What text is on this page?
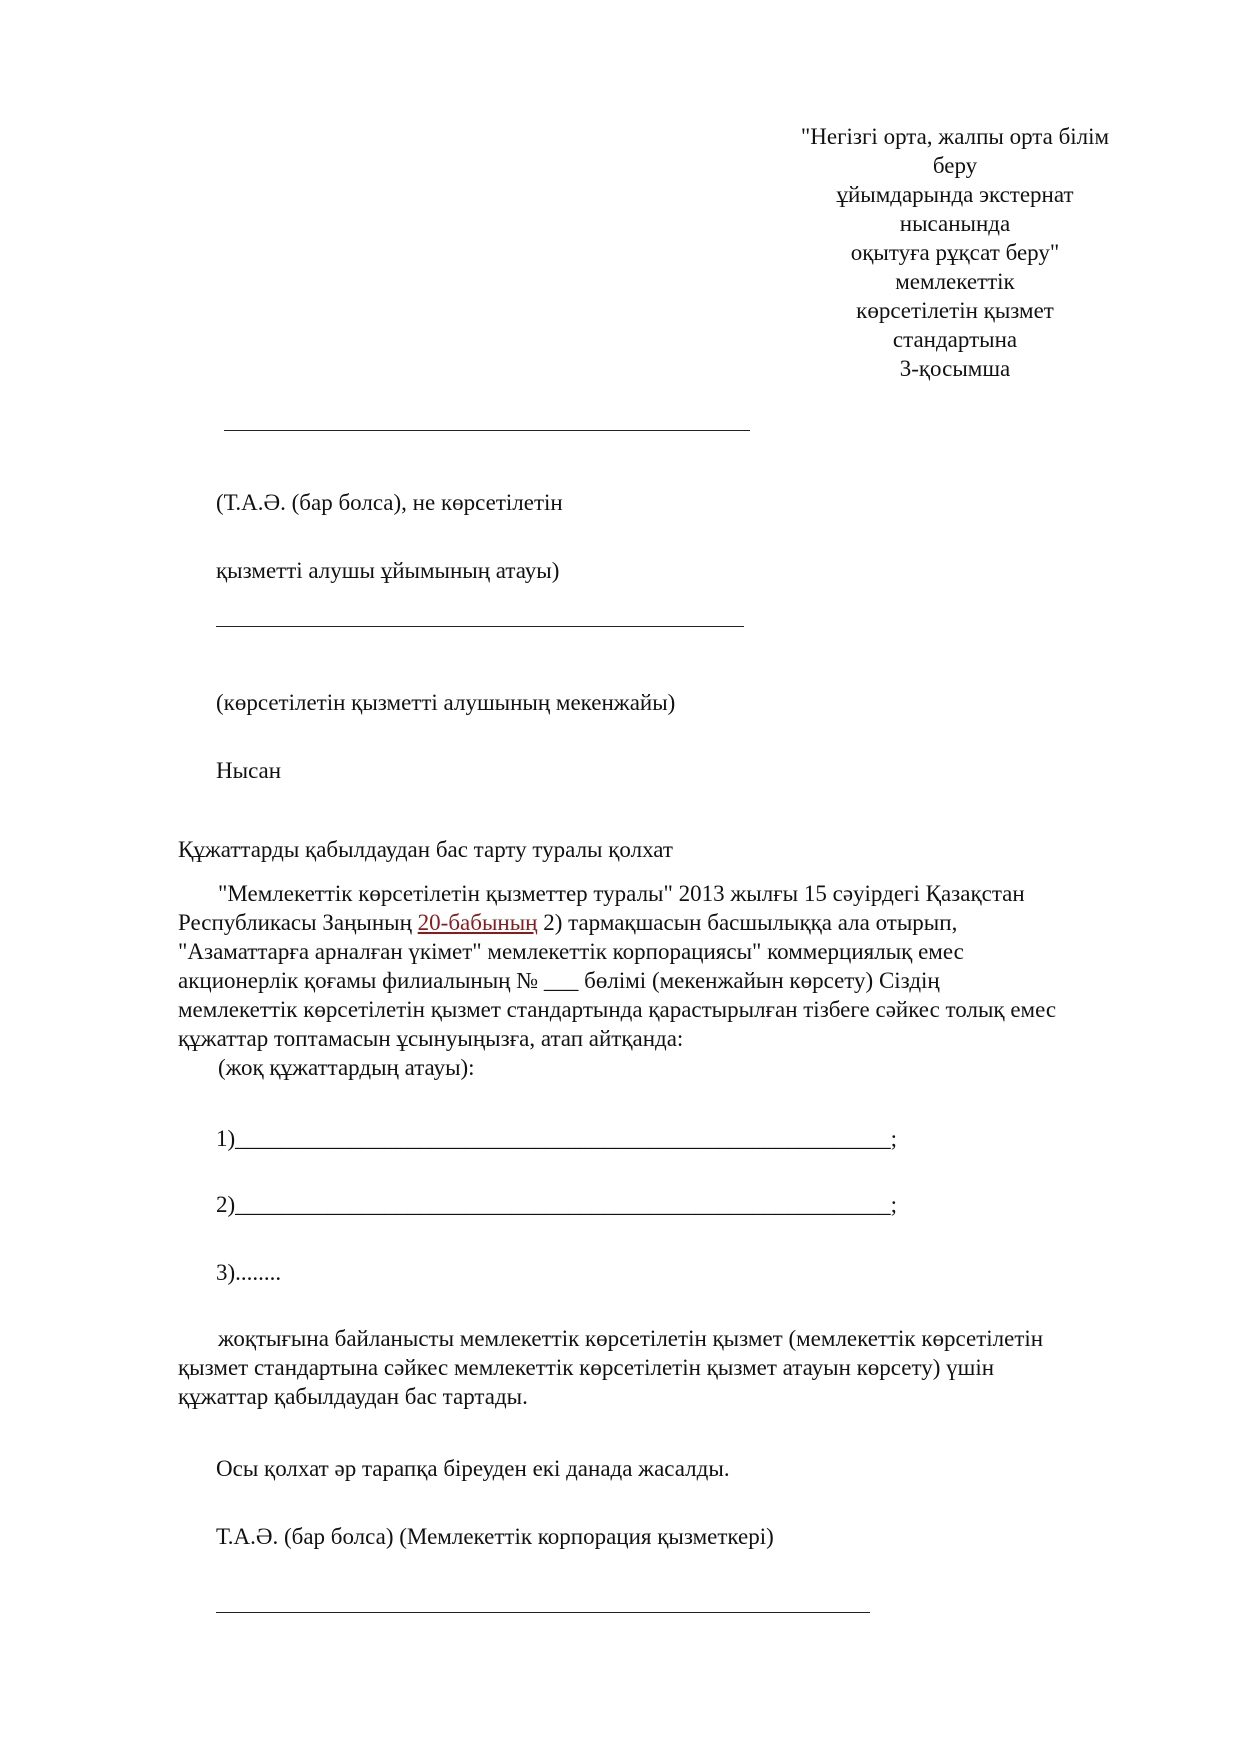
"Негізгі орта, жалпы орта білім
беру
ұйымдарында экстернат
нысанында
оқытуға рұқсат беру"
мемлекеттік
көрсетілетін қызмет
стандартына
3-қосымша
(Т.А.Ә. (бар болса), не көрсетілетін
қызметті алушы ұйымының атауы)
(көрсетілетін қызметті алушының мекенжайы)
Нысан
Құжаттарды қабылдаудан бас тарту туралы қолхат
"Мемлекеттік көрсетілетін қызметтер туралы" 2013 жылғы 15 сәуірдегі Қазақстан
Республикасы Заңының 20-бабының 2) тармақшасын басшылыққа ала отырып,
"Азаматтарға арналған үкімет" мемлекеттік корпорациясы" коммерциялық емес
акционерлік қоғамы филиалының № ___ бөлімі (мекенжайын көрсету) Сіздің
мемлекеттік көрсетілетін қызмет стандартында қарастырылған тізбеге сәйкес толық емес
құжаттар топтамасын ұсынуыңызға, атап айтқанда:
(жоқ құжаттардың атауы):
1)_________________________________________________________;
2)_________________________________________________________;
3)........
жоқтығына байланысты мемлекеттік көрсетілетін қызмет (мемлекеттік көрсетілетін
қызмет стандартына сәйкес мемлекеттік көрсетілетін қызмет атауын көрсету) үшін
құжаттар қабылдаудан бас тартады.
Осы қолхат әр тарапқа біреуден екі данада жасалды.
Т.А.Ә. (бар болса) (Мемлекеттік корпорация қызметкері)
